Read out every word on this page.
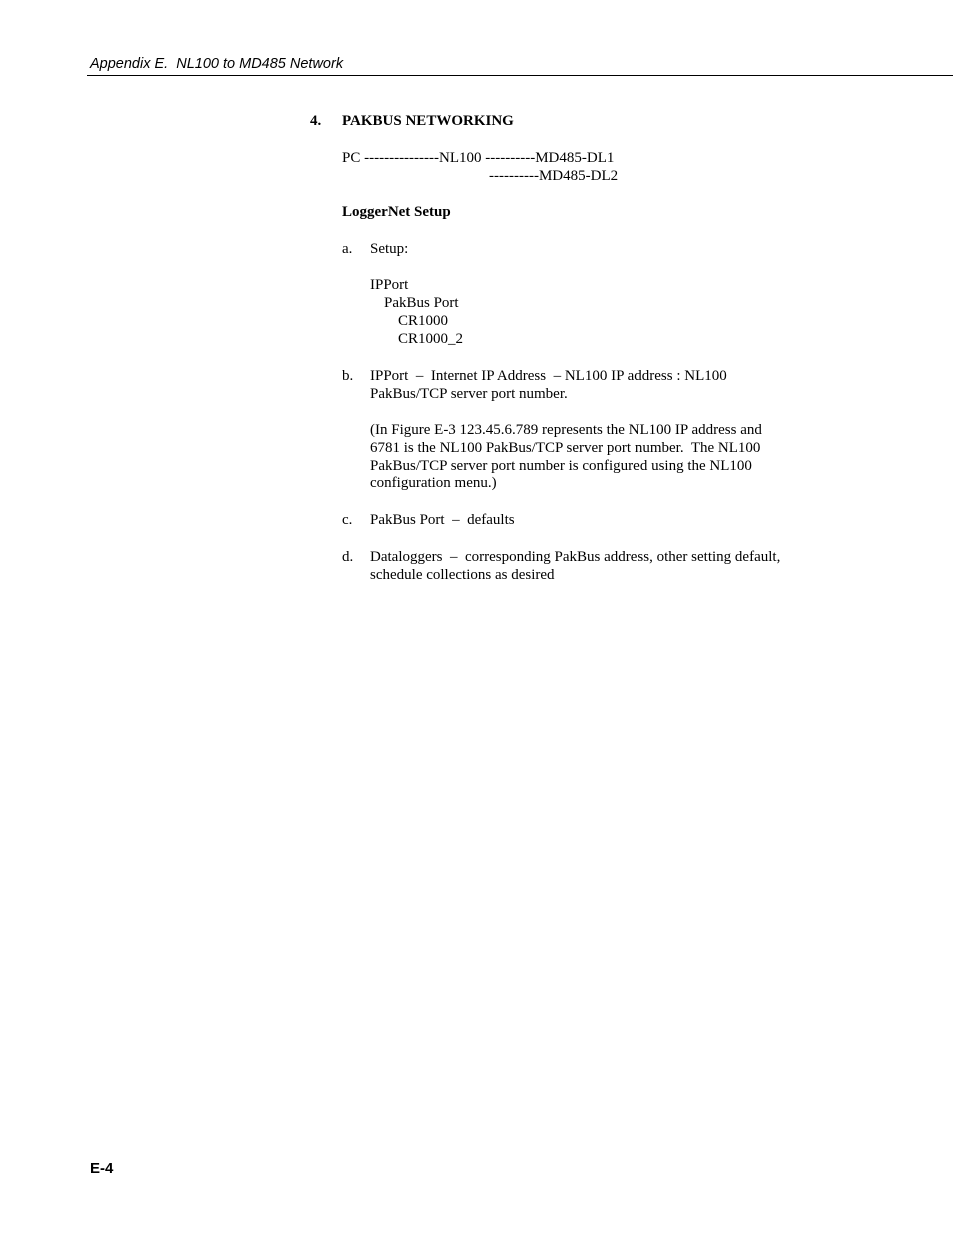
Appendix E.  NL100 to MD485 Network
4. PAKBUS NETWORKING
PC ---------------NL100 ----------MD485-DL1
----------MD485-DL2
LoggerNet Setup
a. Setup:
IPPort
PakBus Port
CR1000
CR1000_2
b. IPPort  –  Internet IP Address  – NL100 IP address : NL100
PakBus/TCP server port number.
(In Figure E-3 123.45.6.789 represents the NL100 IP address and
6781 is the NL100 PakBus/TCP server port number.  The NL100
PakBus/TCP server port number is configured using the NL100
configuration menu.)
c. PakBus Port  –  defaults
d. Dataloggers  –  corresponding PakBus address, other setting default,
schedule collections as desired
E-4
